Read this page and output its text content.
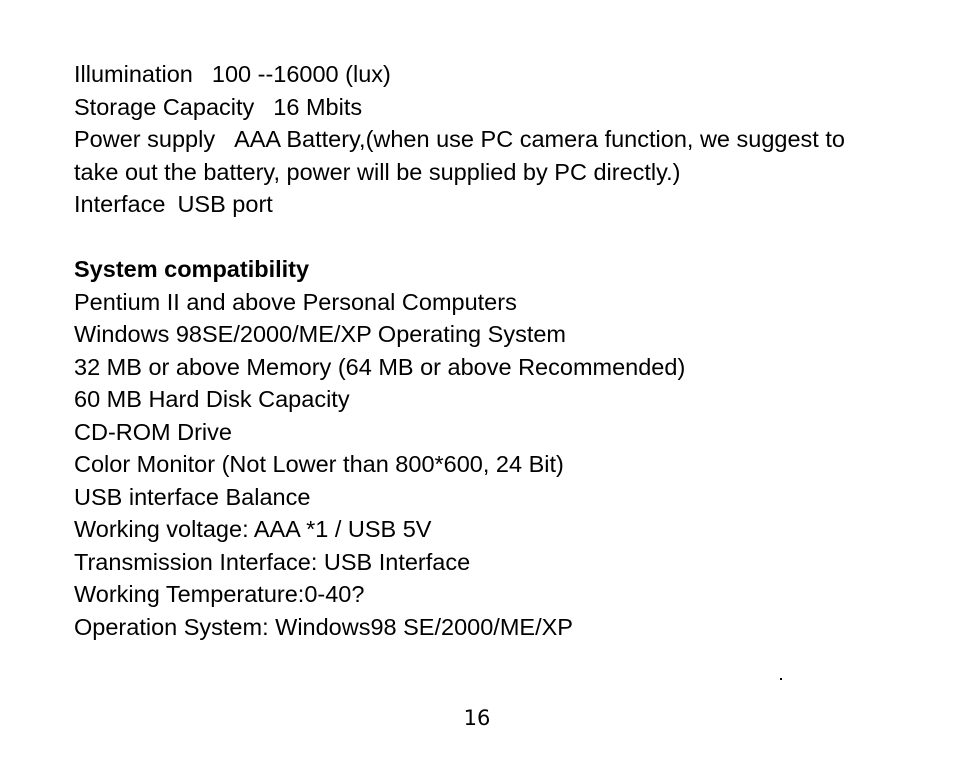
Illumination 100 --16000 (lux)
Storage Capacity 16 Mbits
Power supply AAA Battery,(when use PC camera function, we suggest to take out the battery, power will be supplied by PC directly.)
Interface USB port
System compatibility
Pentium II and above Personal Computers
Windows 98SE/2000/ME/XP Operating System
32 MB or above Memory (64 MB or above Recommended)
60 MB Hard Disk Capacity
CD-ROM Drive
Color Monitor (Not Lower than 800*600, 24 Bit)
USB interface Balance
Working voltage: AAA *1 / USB 5V
Transmission Interface: USB Interface
Working Temperature:0-40?
Operation System: Windows98 SE/2000/ME/XP
16
